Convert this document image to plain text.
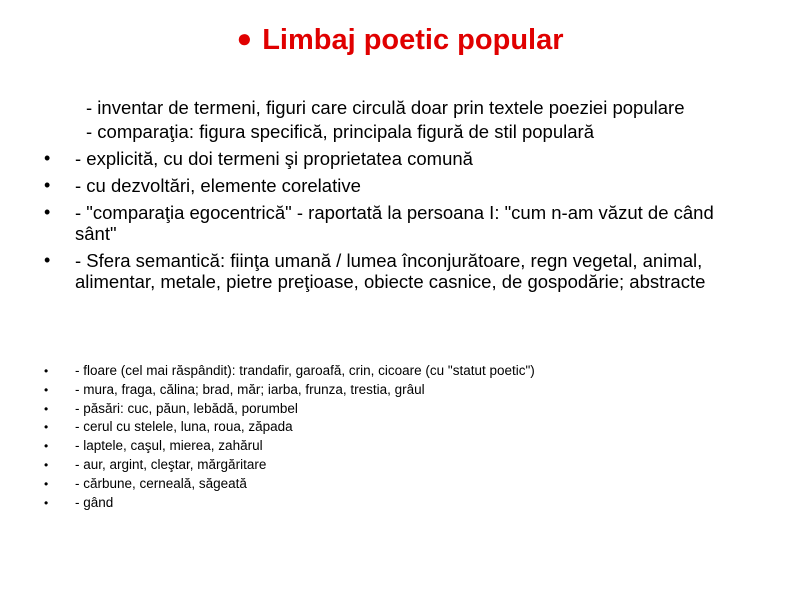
● Limbaj poetic popular
- inventar de termeni, figuri care circulă doar prin textele poeziei populare
- comparaţia: figura specifică, principala figură de stil populară
• - explicită, cu doi termeni şi proprietatea comună
• - cu dezvoltări, elemente corelative
• - "comparaţia egocentrică" - raportată la persoana I: "cum n-am văzut de când sânt"
• - Sfera semantică: fiinţa umană / lumea înconjurătoare, regn vegetal, animal, alimentar, metale, pietre preţioase, obiecte casnice, de gospodărie; abstracte
• - floare (cel mai răspândit): trandafir, garoafă, crin, cicoare (cu "statut poetic")
• - mura, fraga, călina; brad, măr; iarba, frunza, trestia, grâul
• - păsări: cuc, păun, lebădă, porumbel
• - cerul cu stelele, luna, roua, zăpada
• - laptele, caşul, mierea, zahărul
• - aur, argint, cleştar, mărgăritare
• - cărbune, cerneală, săgeată
• - gând
